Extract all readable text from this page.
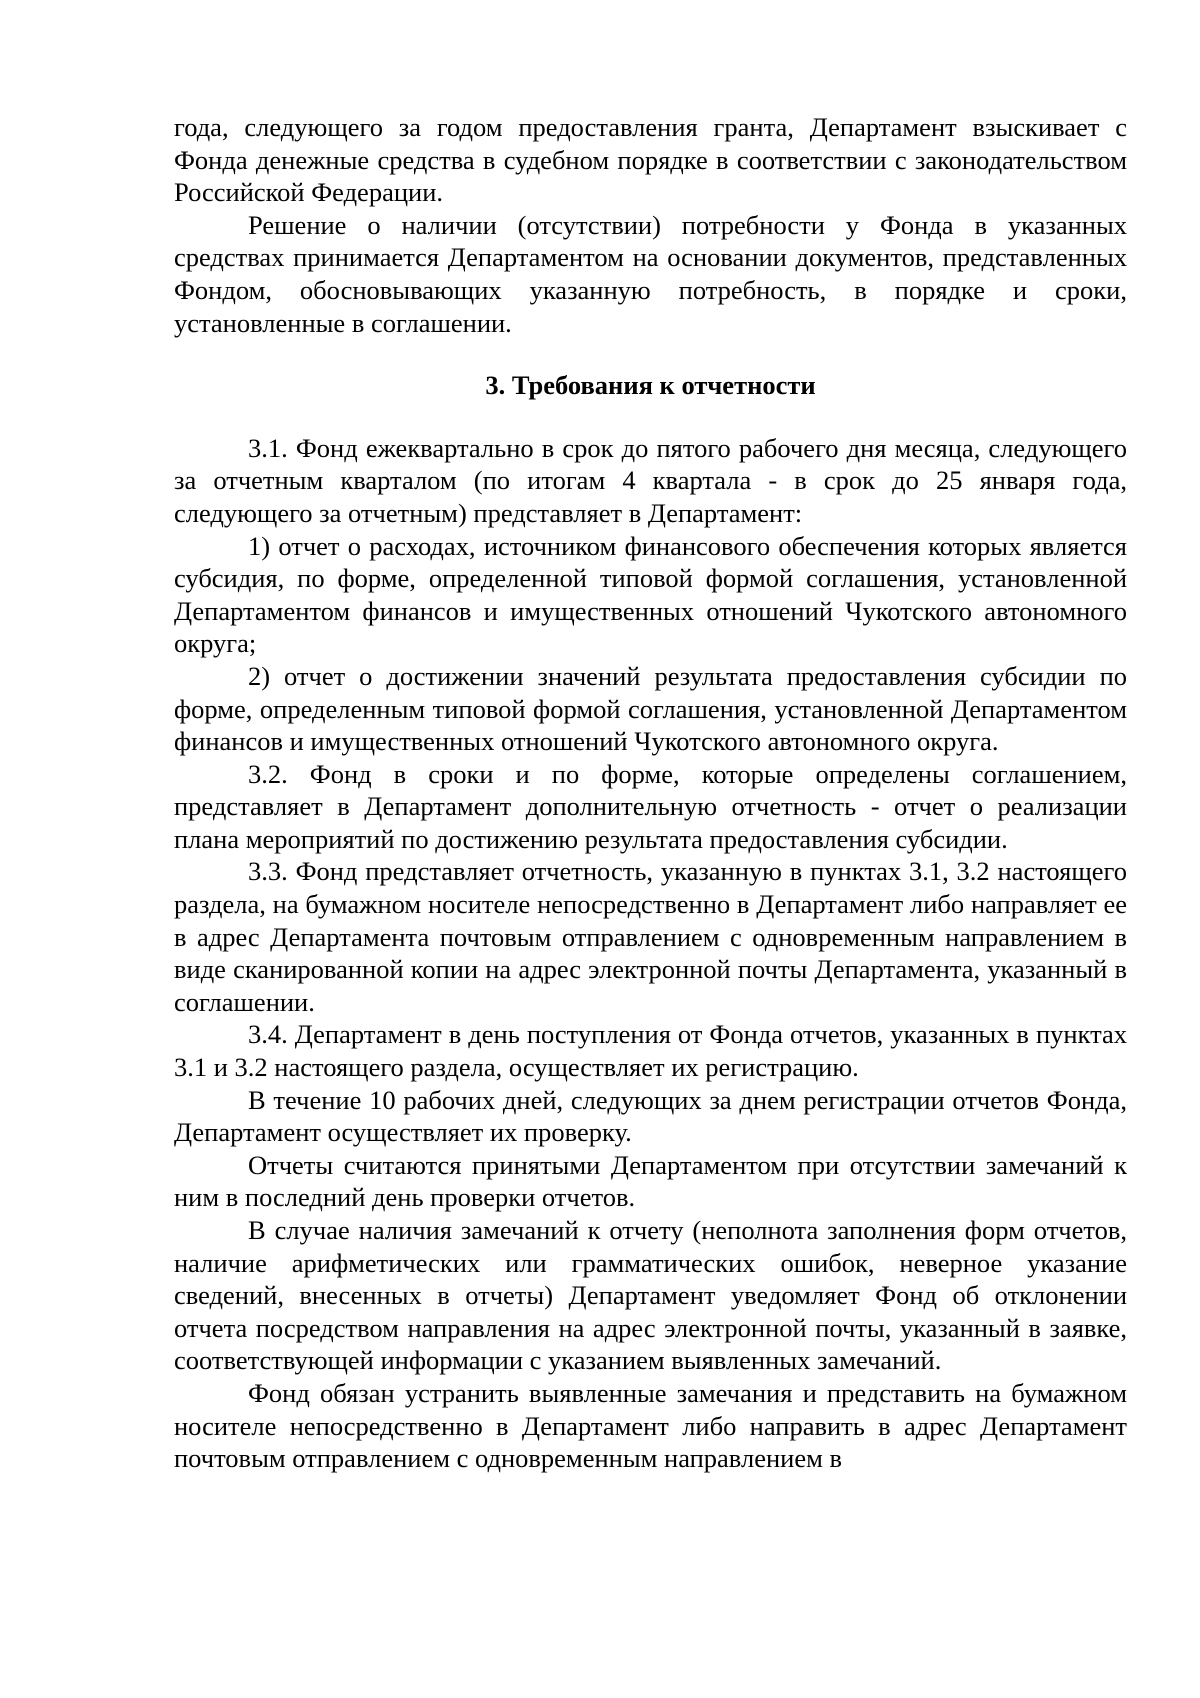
года, следующего за годом предоставления гранта, Департамент взыскивает с Фонда денежные средства в судебном порядке в соответствии с законодательством Российской Федерации.

Решение о наличии (отсутствии) потребности у Фонда в указанных средствах принимается Департаментом на основании документов, представленных Фондом, обосновывающих указанную потребность, в порядке и сроки, установленные в соглашении.

3. Требования к отчетности

3.1. Фонд ежеквартально в срок до пятого рабочего дня месяца, следующего за отчетным кварталом (по итогам 4 квартала - в срок до 25 января года, следующего за отчетным) представляет в Департамент:

1) отчет о расходах, источником финансового обеспечения которых является субсидия, по форме, определенной типовой формой соглашения, установленной Департаментом финансов и имущественных отношений Чукотского автономного округа;

2) отчет о достижении значений результата предоставления субсидии по форме, определенным типовой формой соглашения, установленной Департаментом финансов и имущественных отношений Чукотского автономного округа.

3.2. Фонд в сроки и по форме, которые определены соглашением, представляет в Департамент дополнительную отчетность - отчет о реализации плана мероприятий по достижению результата предоставления субсидии.

3.3. Фонд представляет отчетность, указанную в пунктах 3.1, 3.2 настоящего раздела, на бумажном носителе непосредственно в Департамент либо направляет ее в адрес Департамента почтовым отправлением с одновременным направлением в виде сканированной копии на адрес электронной почты Департамента, указанный в соглашении.

3.4. Департамент в день поступления от Фонда отчетов, указанных в пунктах 3.1 и 3.2 настоящего раздела, осуществляет их регистрацию.

В течение 10 рабочих дней, следующих за днем регистрации отчетов Фонда, Департамент осуществляет их проверку.

Отчеты считаются принятыми Департаментом при отсутствии замечаний к ним в последний день проверки отчетов.

В случае наличия замечаний к отчету (неполнота заполнения форм отчетов, наличие арифметических или грамматических ошибок, неверное указание сведений, внесенных в отчеты) Департамент уведомляет Фонд об отклонении отчета посредством направления на адрес электронной почты, указанный в заявке, соответствующей информации с указанием выявленных замечаний.

Фонд обязан устранить выявленные замечания и представить на бумажном носителе непосредственно в Департамент либо направить в адрес Департамент почтовым отправлением с одновременным направлением в
